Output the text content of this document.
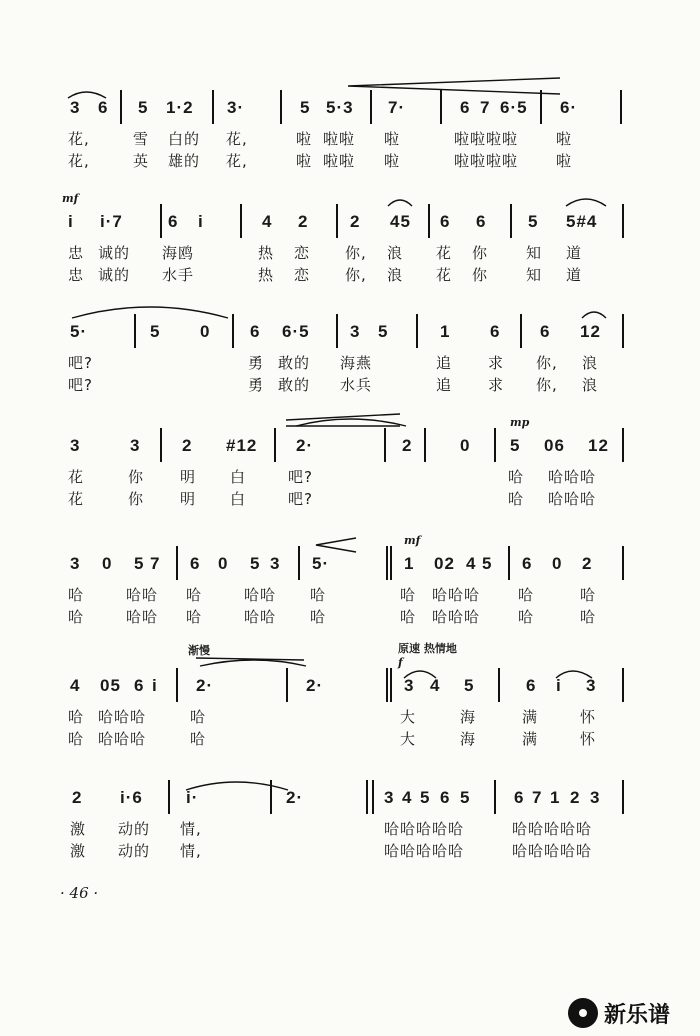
3 6 5 1·2 3·	5 5·3 7·	6 7 6·5 6·
花,	雪 白的 花,	啦 啦啦 啦	啦啦啦啦	啦
花,	英 雄的 花,	啦 啦啦 啦	啦啦啦啦	啦
i i·7	6 i	4 2 2 45 6 6 5 5#4
mf
忠 诚的 海鸥	热 恋 你, 浪 花 你	知 道
忠 诚的 水手	热 恋 你, 浪 花 你	知 道
5·	5 0 6 6·5 3 5	1 6 6 12
吧?	勇 敢的 海燕	追 求 你, 浪
吧?	勇 敢的 水兵	追 求 你, 浪
3	3 2 #12 2·	2	0 5 06 12
mp
花	你 明 白	吧?	哈 哈哈哈
花	你 明 白	吧?	哈 哈哈哈
3 0 5 7 6 0 5 3 5·	1 02 4 5 6 0 2
mf
哈	哈哈 哈	哈哈 哈	哈 哈哈哈	哈	哈
哈	哈哈 哈	哈哈 哈	哈 哈哈哈	哈	哈
4 05 6 i 2·	2·	3 4 5	6 i 3
f
渐慢	原速 热情地
哈 哈哈哈	哈	大	海	满	怀
哈 哈哈哈	哈	大	海	满	怀
2 i·6	i·	2·	3 4 5 6 5	6 7 1 2 3
激 动的 情,	哈哈哈哈哈	哈哈哈哈哈
激 动的 情,	哈哈哈哈哈	哈哈哈哈哈
· 46 ·
新乐谱
